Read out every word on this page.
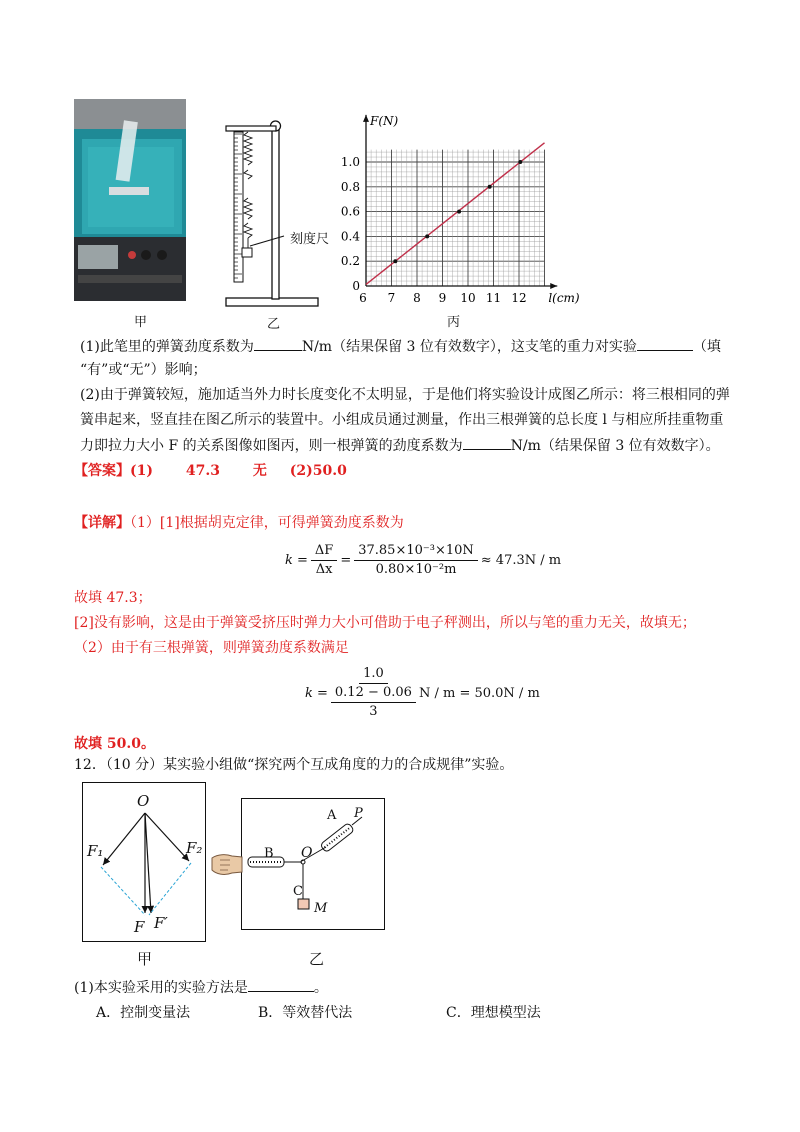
甲
刻度尺
乙
0
0.2
0.4
0.6
0.8
1.0
6 7 8 9 10 11 12
F(N)
l(cm)
丙
(1)此笔里的弹簧劲度系数为	N/m（结果保留 3 位有效数字），这支笔的重力对实验	（填
“有”或“无”）影响；
(2)由于弹簧较短，施加适当外力时长度变化不太明显，于是他们将实验设计成图乙所示：将三根相同的弹
簧串起来，竖直挂在图乙所示的装置中。小组成员通过测量，作出三根弹簧的总长度 l 与相应所挂重物重
力即拉力大小 F 的关系图像如图丙，则一根弹簧的劲度系数为	N/m（结果保留 3 位有效数字）。
【答案】(1) 47.3 无 (2)50.0
【详解】（1）[1]根据胡克定律，可得弹簧劲度系数为
$k = \frac{\Delta F}{\Delta x} = \frac{\text{37.85×10⁻³×10N}}{\text{0.80×10⁻²m}} \approx 47.3N / m$
故填 47.3；
[2]没有影响，这是由于弹簧受挤压时弹力大小可借助于电子秤测出，所以与笔的重力无关，故填无；
（2）由于有三根弹簧，则弹簧劲度系数满足
k = 1.0
0.12 − 0.06
3 N / m = 50.0N / m
故填 50.0。
12．（10 分）某实验小组做“探究两个互成角度的力的合成规律”实验。
O
F₁	F₂
F F′
甲
A P
B O
C
M
乙
(1)本实验采用的实验方法是	。
A．控制变量法	B．等效替代法	C．理想模型法
